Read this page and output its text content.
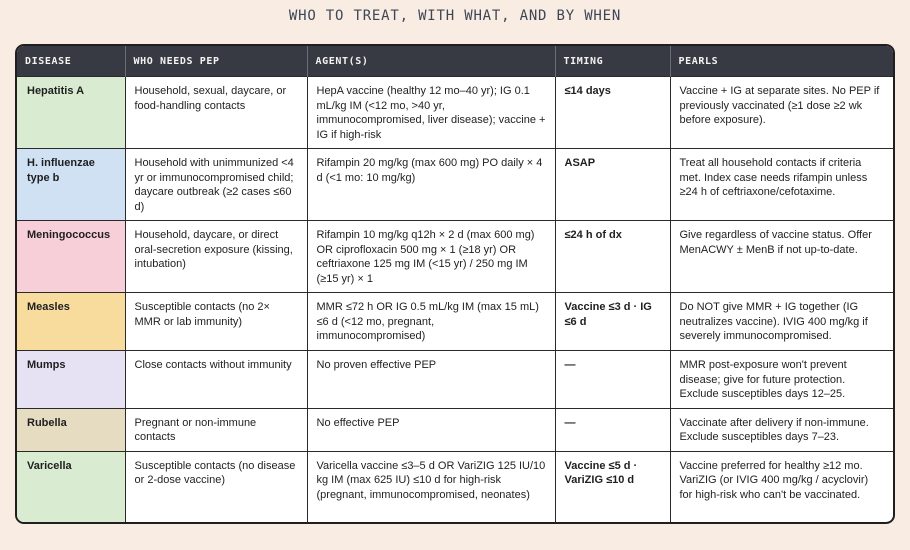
WHO TO TREAT, WITH WHAT, AND BY WHEN
DISEASE	WHO NEEDS PEP	AGENT(S)	TIMING	PEARLS
Hepatitis A	Household, sexual, daycare, or food-handling contacts	HepA vaccine (healthy 12 mo–40 yr); IG 0.1 mL/kg IM (<12 mo, >40 yr, immunocompromised, liver disease); vaccine + IG if high-risk	≤14 days	Vaccine + IG at separate sites. No PEP if previously vaccinated (≥1 dose ≥2 wk before exposure).
H. influenzae type b	Household with unimmunized <4 yr or immunocompromised child; daycare outbreak (≥2 cases ≤60 d)	Rifampin 20 mg/kg (max 600 mg) PO daily × 4 d (<1 mo: 10 mg/kg)	ASAP	Treat all household contacts if criteria met. Index case needs rifampin unless ≥24 h of ceftriaxone/cefotaxime.
Meningococcus	Household, daycare, or direct oral-secretion exposure (kissing, intubation)	Rifampin 10 mg/kg q12h × 2 d (max 600 mg) OR ciprofloxacin 500 mg × 1 (≥18 yr) OR ceftriaxone 125 mg IM (<15 yr) / 250 mg IM (≥15 yr) × 1	≤24 h of dx	Give regardless of vaccine status. Offer MenACWY ± MenB if not up-to-date.
Measles	Susceptible contacts (no 2× MMR or lab immunity)	MMR ≤72 h OR IG 0.5 mL/kg IM (max 15 mL) ≤6 d (<12 mo, pregnant, immunocompromised)	Vaccine ≤3 d · IG ≤6 d	Do NOT give MMR + IG together (IG neutralizes vaccine). IVIG 400 mg/kg if severely immunocompromised.
Mumps	Close contacts without immunity	No proven effective PEP	—	MMR post-exposure won't prevent disease; give for future protection. Exclude susceptibles days 12–25.
Rubella	Pregnant or non-immune contacts	No effective PEP	—	Vaccinate after delivery if non-immune. Exclude susceptibles days 7–23.
Varicella	Susceptible contacts (no disease or 2-dose vaccine)	Varicella vaccine ≤3–5 d OR VariZIG 125 IU/10 kg IM (max 625 IU) ≤10 d for high-risk (pregnant, immunocompromised, neonates)	Vaccine ≤5 d · VariZIG ≤10 d	Vaccine preferred for healthy ≥12 mo. VariZIG (or IVIG 400 mg/kg / acyclovir) for high-risk who can't be vaccinated.
